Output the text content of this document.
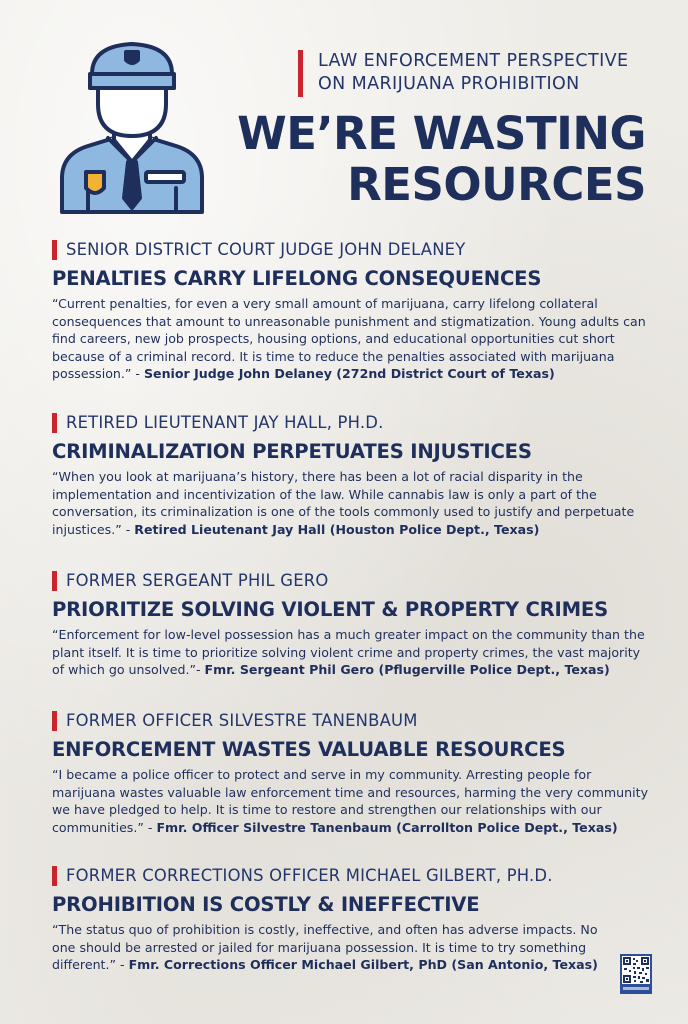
LAW ENFORCEMENT PERSPECTIVE
ON MARIJUANA PROHIBITION
WE’RE WASTING
RESOURCES
SENIOR DISTRICT COURT JUDGE JOHN DELANEY
PENALTIES CARRY LIFELONG CONSEQUENCES
“Current penalties, for even a very small amount of marijuana, carry lifelong collateral consequences that amount to unreasonable punishment and stigmatization. Young adults can find careers, new job prospects, housing options, and educational opportunities cut short because of a criminal record. It is time to reduce the penalties associated with marijuana possession.” - Senior Judge John Delaney (272nd District Court of Texas)
RETIRED LIEUTENANT JAY HALL, PH.D.
CRIMINALIZATION PERPETUATES INJUSTICES
“When you look at marijuana’s history, there has been a lot of racial disparity in the implementation and incentivization of the law. While cannabis law is only a part of the conversation, its criminalization is one of the tools commonly used to justify and perpetuate injustices.” - Retired Lieutenant Jay Hall (Houston Police Dept., Texas)
FORMER SERGEANT PHIL GERO
PRIORITIZE SOLVING VIOLENT & PROPERTY CRIMES
“Enforcement for low-level possession has a much greater impact on the community than the plant itself. It is time to prioritize solving violent crime and property crimes, the vast majority of which go unsolved.”- Fmr. Sergeant Phil Gero (Pflugerville Police Dept., Texas)
FORMER OFFICER SILVESTRE TANENBAUM
ENFORCEMENT WASTES VALUABLE RESOURCES
“I became a police officer to protect and serve in my community. Arresting people for marijuana wastes valuable law enforcement time and resources, harming the very community we have pledged to help. It is time to restore and strengthen our relationships with our communities.” - Fmr. Officer Silvestre Tanenbaum (Carrollton Police Dept., Texas)
FORMER CORRECTIONS OFFICER MICHAEL GILBERT, PH.D.
PROHIBITION IS COSTLY & INEFFECTIVE
“The status quo of prohibition is costly, ineffective, and often has adverse impacts. No one should be arrested or jailed for marijuana possession. It is time to try something different.” - Fmr. Corrections Officer Michael Gilbert, PhD (San Antonio, Texas)
